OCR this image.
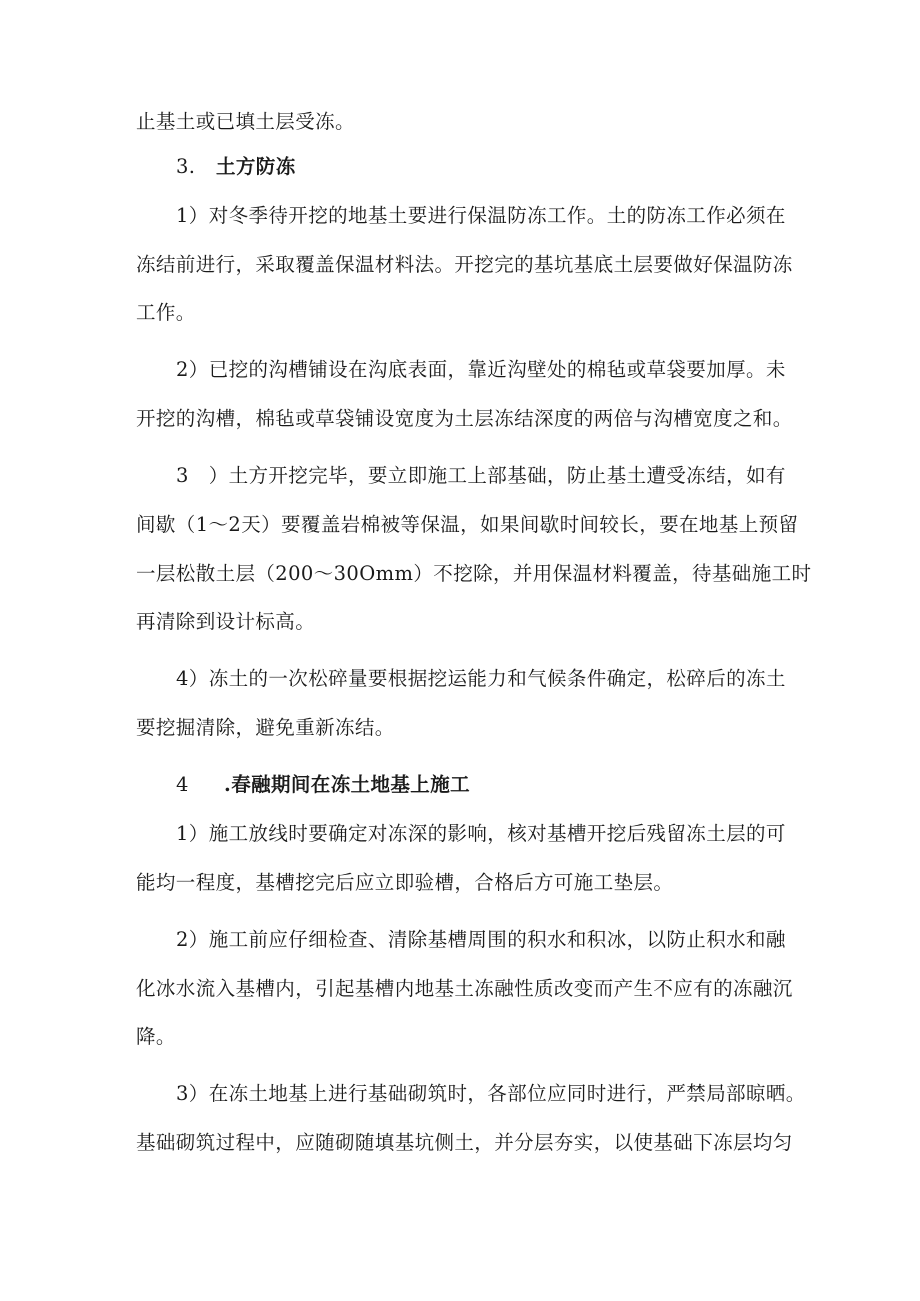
止基土或已填土层受冻。
3. 土方防冻
1）对冬季待开挖的地基土要进行保温防冻工作。土的防冻工作必须在
冻结前进行，采取覆盖保温材料法。开挖完的基坑基底土层要做好保温防冻
工作。
2）已挖的沟槽铺设在沟底表面，靠近沟壁处的棉毡或草袋要加厚。未
开挖的沟槽，棉毡或草袋铺设宽度为土层冻结深度的两倍与沟槽宽度之和。
3　）土方开挖完毕，要立即施工上部基础，防止基土遭受冻结，如有
间歇（1〜2天）要覆盖岩棉被等保温，如果间歇时间较长，要在地基上预留
一层松散土层（200〜30Omm）不挖除，并用保温材料覆盖，待基础施工时
再清除到设计标高。
4）冻土的一次松碎量要根据挖运能力和气候条件确定，松碎后的冻土
要挖掘清除，避免重新冻结。
4 .春融期间在冻土地基上施工
1）施工放线时要确定对冻深的影响，核对基槽开挖后残留冻土层的可
能均一程度，基槽挖完后应立即验槽，合格后方可施工垫层。
2）施工前应仔细检查、清除基槽周围的积水和积冰，以防止积水和融
化冰水流入基槽内，引起基槽内地基土冻融性质改变而产生不应有的冻融沉
降。
3）在冻土地基上进行基础砌筑时，各部位应同时进行，严禁局部晾晒。
基础砌筑过程中，应随砌随填基坑侧土，并分层夯实，以使基础下冻层均匀
